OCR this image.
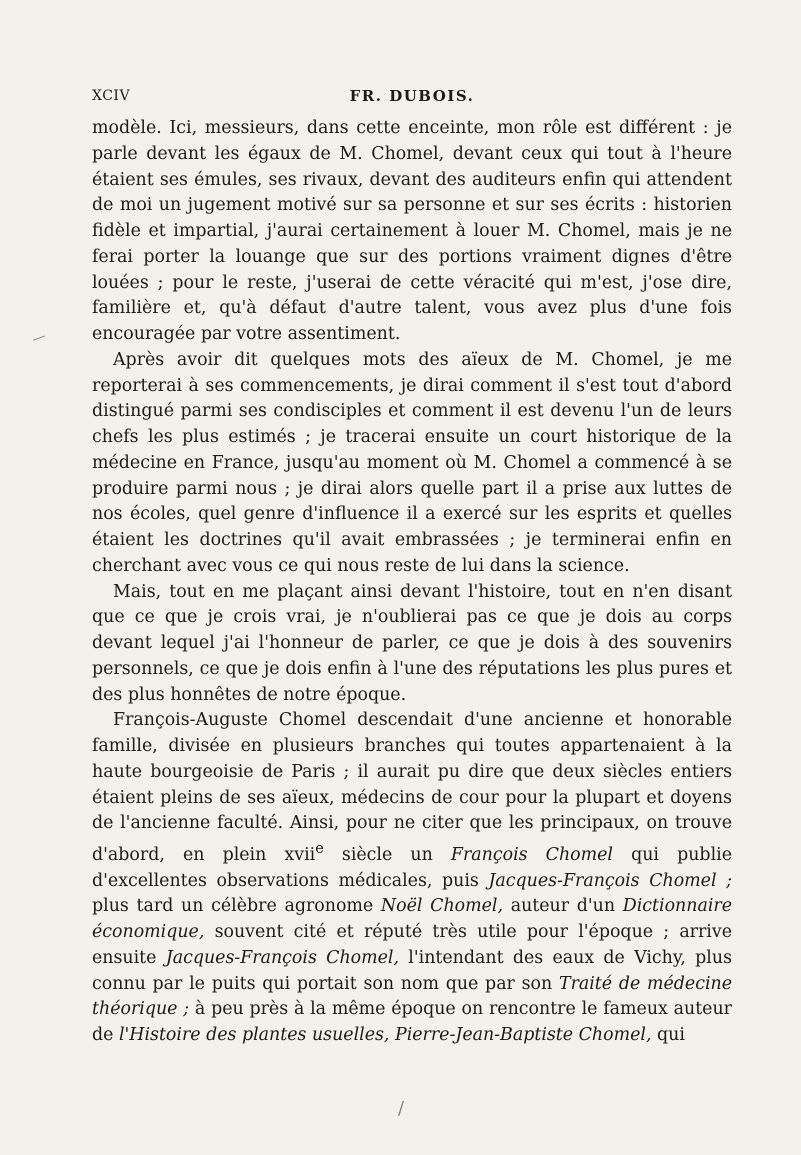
XCIV	FR. DUBOIS.

modèle. Ici, messieurs, dans cette enceinte, mon rôle est différent : je parle devant les égaux de M. Chomel, devant ceux qui tout à l'heure étaient ses émules, ses rivaux, devant des auditeurs enfin qui attendent de moi un jugement motivé sur sa personne et sur ses écrits : historien fidèle et impartial, j'aurai certainement à louer M. Chomel, mais je ne ferai porter la louange que sur des portions vraiment dignes d'être louées ; pour le reste, j'userai de cette véracité qui m'est, j'ose dire, familière et, qu'à défaut d'autre talent, vous avez plus d'une fois encouragée par votre assentiment.

Après avoir dit quelques mots des aïeux de M. Chomel, je me reporterai à ses commencements, je dirai comment il s'est tout d'abord distingué parmi ses condisciples et comment il est devenu l'un de leurs chefs les plus estimés ; je tracerai ensuite un court historique de la médecine en France, jusqu'au moment où M. Chomel a commencé à se produire parmi nous ; je dirai alors quelle part il a prise aux luttes de nos écoles, quel genre d'influence il a exercé sur les esprits et quelles étaient les doctrines qu'il avait embrassées ; je terminerai enfin en cherchant avec vous ce qui nous reste de lui dans la science.

Mais, tout en me plaçant ainsi devant l'histoire, tout en n'en disant que ce que je crois vrai, je n'oublierai pas ce que je dois au corps devant lequel j'ai l'honneur de parler, ce que je dois à des souvenirs personnels, ce que je dois enfin à l'une des réputations les plus pures et des plus honnêtes de notre époque.

François-Auguste Chomel descendait d'une ancienne et honorable famille, divisée en plusieurs branches qui toutes appartenaient à la haute bourgeoisie de Paris ; il aurait pu dire que deux siècles entiers étaient pleins de ses aïeux, médecins de cour pour la plupart et doyens de l'ancienne faculté. Ainsi, pour ne citer que les principaux, on trouve d'abord, en plein xvii$^e$ siècle un François Chomel qui publie d'excellentes observations médicales, puis Jacques-François Chomel ; plus tard un célèbre agronome Noël Chomel, auteur d'un Dictionnaire économique, souvent cité et réputé très utile pour l'époque ; arrive ensuite Jacques-François Chomel, l'intendant des eaux de Vichy, plus connu par le puits qui portait son nom que par son Traité de médecine théorique ; à peu près à la même époque on rencontre le fameux auteur de l'Histoire des plantes usuelles, Pierre-Jean-Baptiste Chomel, qui

—
/
